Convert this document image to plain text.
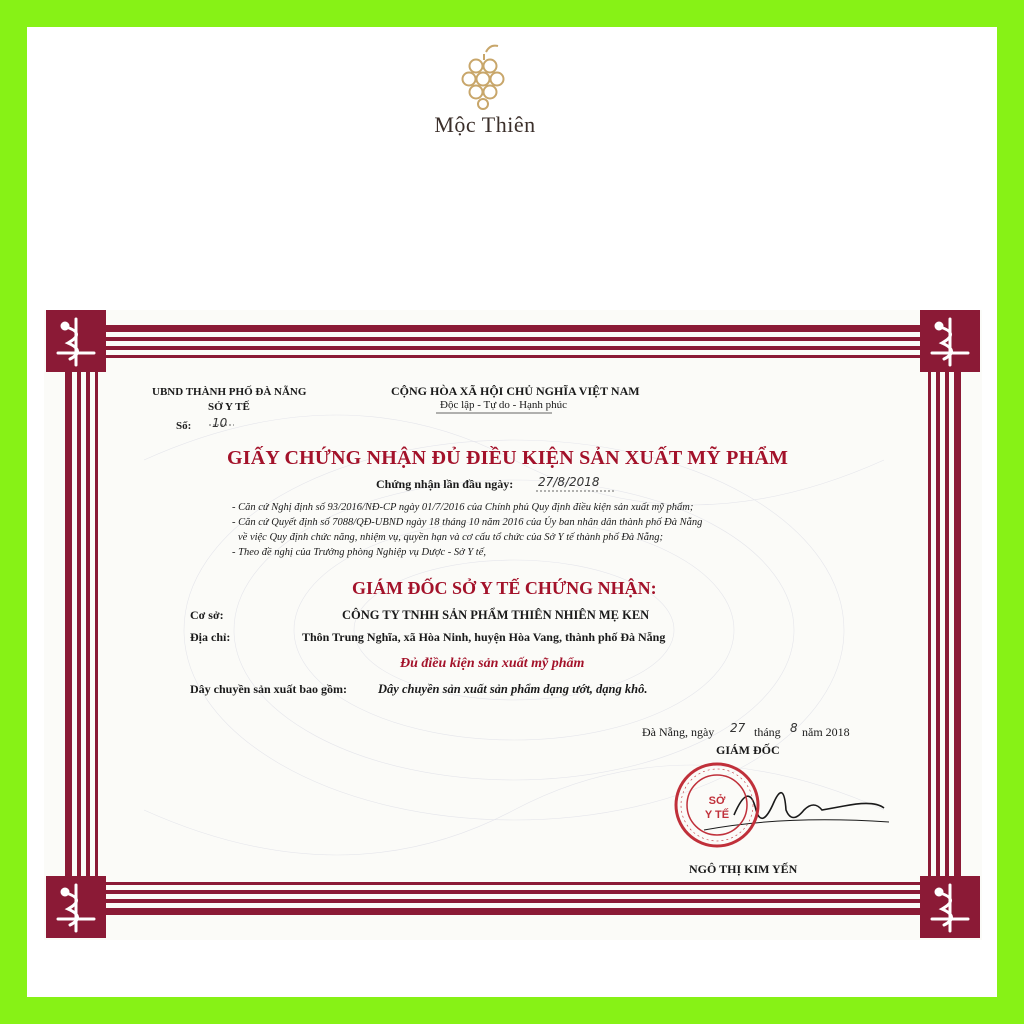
Mộc Thiên
UBND THÀNH PHỐ ĐÀ NẴNG
SỞ Y TẾ
Số: 10
CỘNG HÒA XÃ HỘI CHỦ NGHĨA VIỆT NAM
Độc lập - Tự do - Hạnh phúc
GIẤY CHỨNG NHẬN ĐỦ ĐIỀU KIỆN SẢN XUẤT MỸ PHẨM
Chứng nhận lần đầu ngày: 27/8/2018
- Căn cứ Nghị định số 93/2016/NĐ-CP ngày 01/7/2016 của Chính phủ Quy định điều kiện sản xuất mỹ phẩm;
- Căn cứ Quyết định số 7088/QĐ-UBND ngày 18 tháng 10 năm 2016 của Ủy ban nhân dân thành phố Đà Nẵng
về việc Quy định chức năng, nhiệm vụ, quyền hạn và cơ cấu tổ chức của Sở Y tế thành phố Đà Nẵng;
- Theo đề nghị của Trưởng phòng Nghiệp vụ Dược - Sở Y tế,
GIÁM ĐỐC SỞ Y TẾ CHỨNG NHẬN:
Cơ sở:	CÔNG TY TNHH SẢN PHẨM THIÊN NHIÊN MẸ KEN
Địa chỉ:	Thôn Trung Nghĩa, xã Hòa Ninh, huyện Hòa Vang, thành phố Đà Nẵng
Đủ điều kiện sản xuất mỹ phẩm
Dây chuyền sản xuất bao gồm: Dây chuyền sản xuất sản phẩm dạng ướt, dạng khô.
Đà Nẵng, ngày 27 tháng 8 năm 2018
GIÁM ĐỐC
SỞ
Y TẾ
NGÔ THỊ KIM YẾN
